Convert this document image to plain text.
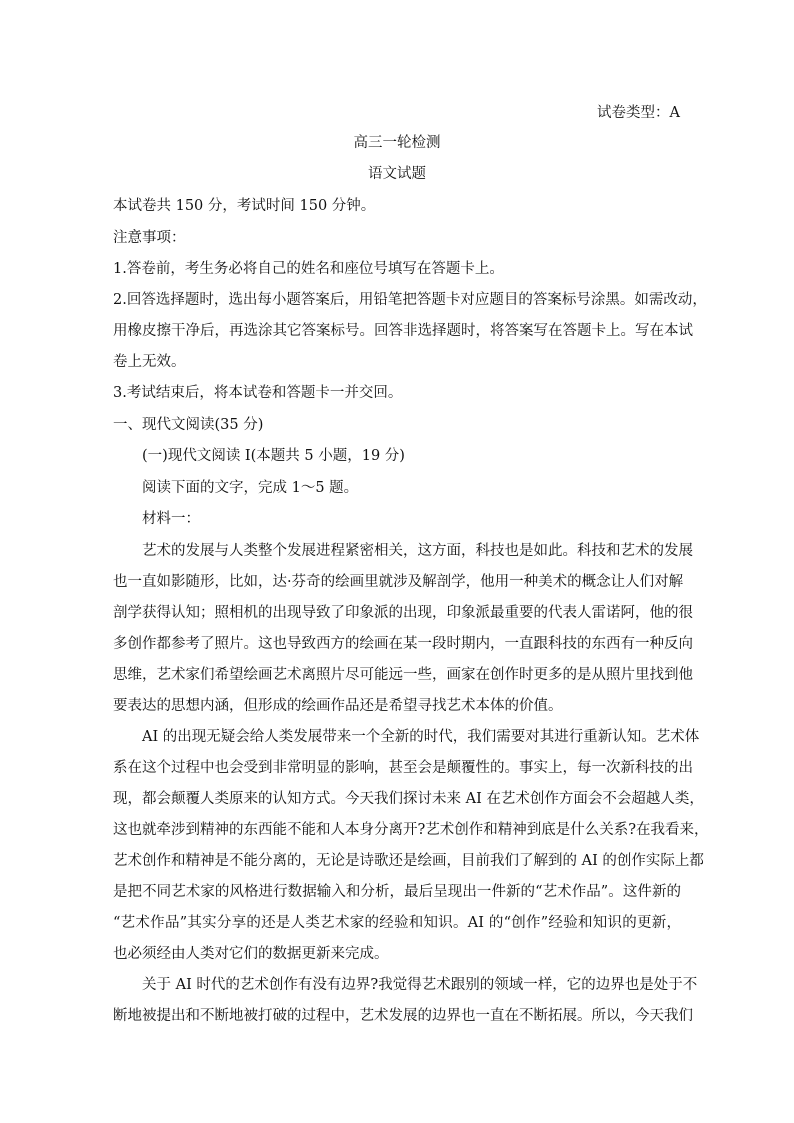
试卷类型：A
高三一轮检测
语文试题
本试卷共 150 分，考试时间 150 分钟。
注意事项：
1.答卷前，考生务必将自己的姓名和座位号填写在答题卡上。
2.回答选择题时，选出每小题答案后，用铅笔把答题卡对应题目的答案标号涂黑。如需改动，
用橡皮擦干净后，再选涂其它答案标号。回答非选择题时，将答案写在答题卡上。写在本试
卷上无效。
3.考试结束后，将本试卷和答题卡一并交回。
一、现代文阅读(35 分)
(一)现代文阅读 I(本题共 5 小题，19 分)
阅读下面的文字，完成 1～5 题。
材料一：
艺术的发展与人类整个发展进程紧密相关，这方面，科技也是如此。科技和艺术的发展
也一直如影随形，比如，达·芬奇的绘画里就涉及解剖学，他用一种美术的概念让人们对解
剖学获得认知；照相机的出现导致了印象派的出现，印象派最重要的代表人雷诺阿，他的很
多创作都参考了照片。这也导致西方的绘画在某一段时期内，一直跟科技的东西有一种反向
思维，艺术家们希望绘画艺术离照片尽可能远一些，画家在创作时更多的是从照片里找到他
要表达的思想内涵，但形成的绘画作品还是希望寻找艺术本体的价值。
AI 的出现无疑会给人类发展带来一个全新的时代，我们需要对其进行重新认知。艺术体
系在这个过程中也会受到非常明显的影响，甚至会是颠覆性的。事实上，每一次新科技的出
现，都会颠覆人类原来的认知方式。今天我们探讨未来 AI 在艺术创作方面会不会超越人类，
这也就牵涉到精神的东西能不能和人本身分离开?艺术创作和精神到底是什么关系?在我看来，
艺术创作和精神是不能分离的，无论是诗歌还是绘画，目前我们了解到的 AI 的创作实际上都
是把不同艺术家的风格进行数据输入和分析，最后呈现出一件新的“艺术作品”。这件新的
“艺术作品”其实分享的还是人类艺术家的经验和知识。AI 的“创作”经验和知识的更新，
也必须经由人类对它们的数据更新来完成。
关于 AI 时代的艺术创作有没有边界?我觉得艺术跟别的领域一样，它的边界也是处于不
断地被提出和不断地被打破的过程中，艺术发展的边界也一直在不断拓展。所以，今天我们
